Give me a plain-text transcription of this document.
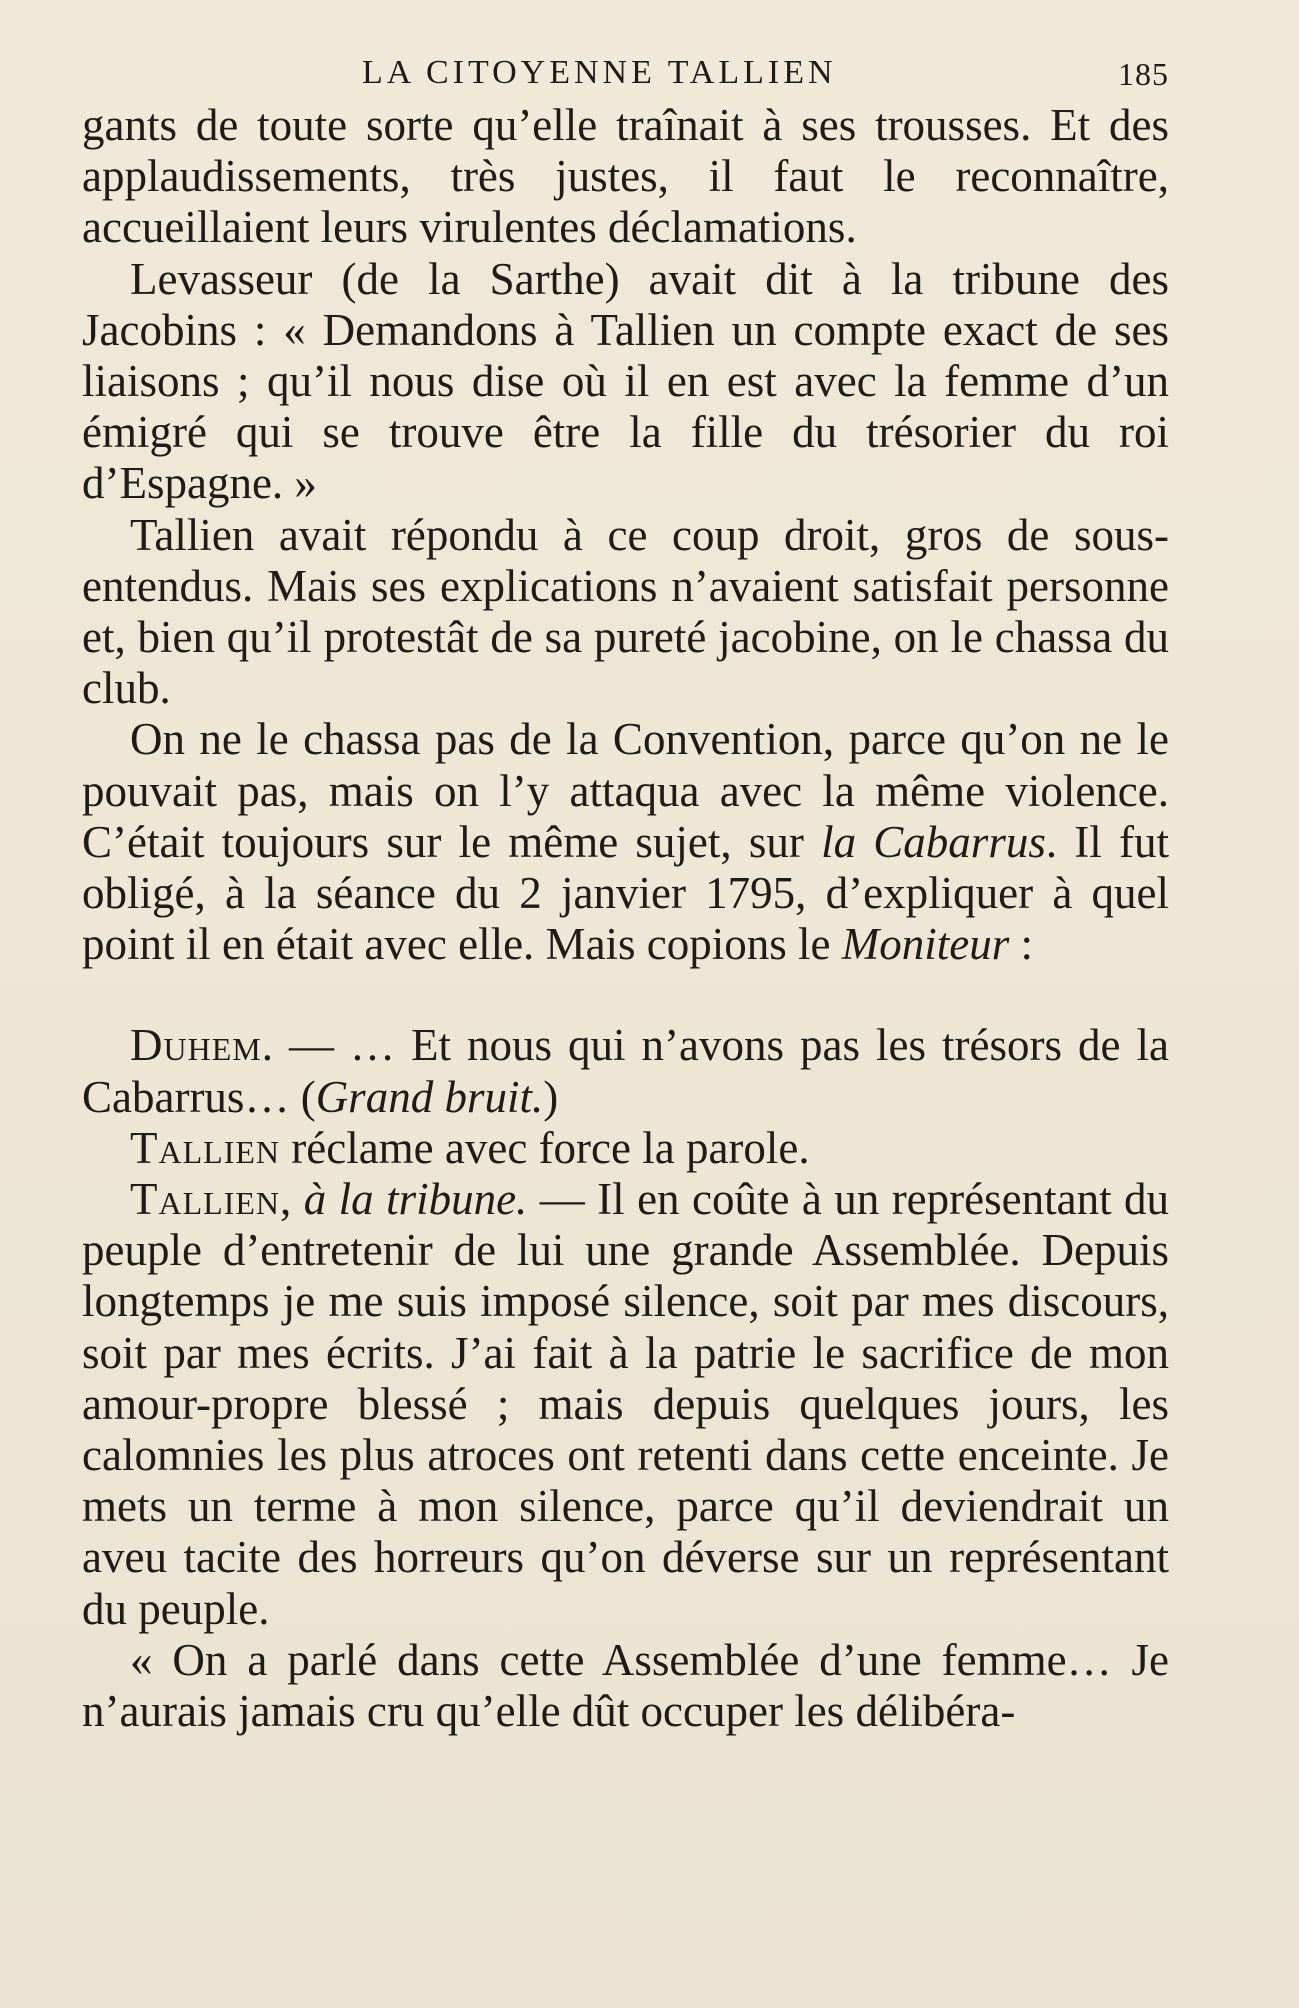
LA CITOYENNE TALLIEN	185

gants de toute sorte qu’elle traînait à ses trousses. Et des applaudissements, très justes, il faut le reconnaître, accueillaient leurs virulentes déclamations.

Levasseur (de la Sarthe) avait dit à la tribune des Jacobins : « Demandons à Tallien un compte exact de ses liaisons ; qu’il nous dise où il en est avec la femme d’un émigré qui se trouve être la fille du trésorier du roi d’Espagne. »

Tallien avait répondu à ce coup droit, gros de sous-entendus. Mais ses explications n’avaient satisfait personne et, bien qu’il protestât de sa pureté jacobine, on le chassa du club.

On ne le chassa pas de la Convention, parce qu’on ne le pouvait pas, mais on l’y attaqua avec la même violence. C’était toujours sur le même sujet, sur la Cabarrus. Il fut obligé, à la séance du 2 janvier 1795, d’expliquer à quel point il en était avec elle. Mais copions le Moniteur :

Duhem. — … Et nous qui n’avons pas les trésors de la Cabarrus… (Grand bruit.)

Tallien réclame avec force la parole.

Tallien, à la tribune. — Il en coûte à un représentant du peuple d’entretenir de lui une grande Assemblée. Depuis longtemps je me suis imposé silence, soit par mes discours, soit par mes écrits. J’ai fait à la patrie le sacrifice de mon amour-propre blessé ; mais depuis quelques jours, les calomnies les plus atroces ont retenti dans cette enceinte. Je mets un terme à mon silence, parce qu’il deviendrait un aveu tacite des horreurs qu’on déverse sur un représentant du peuple.

« On a parlé dans cette Assemblée d’une femme… Je n’aurais jamais cru qu’elle dût occuper les délibéra-
